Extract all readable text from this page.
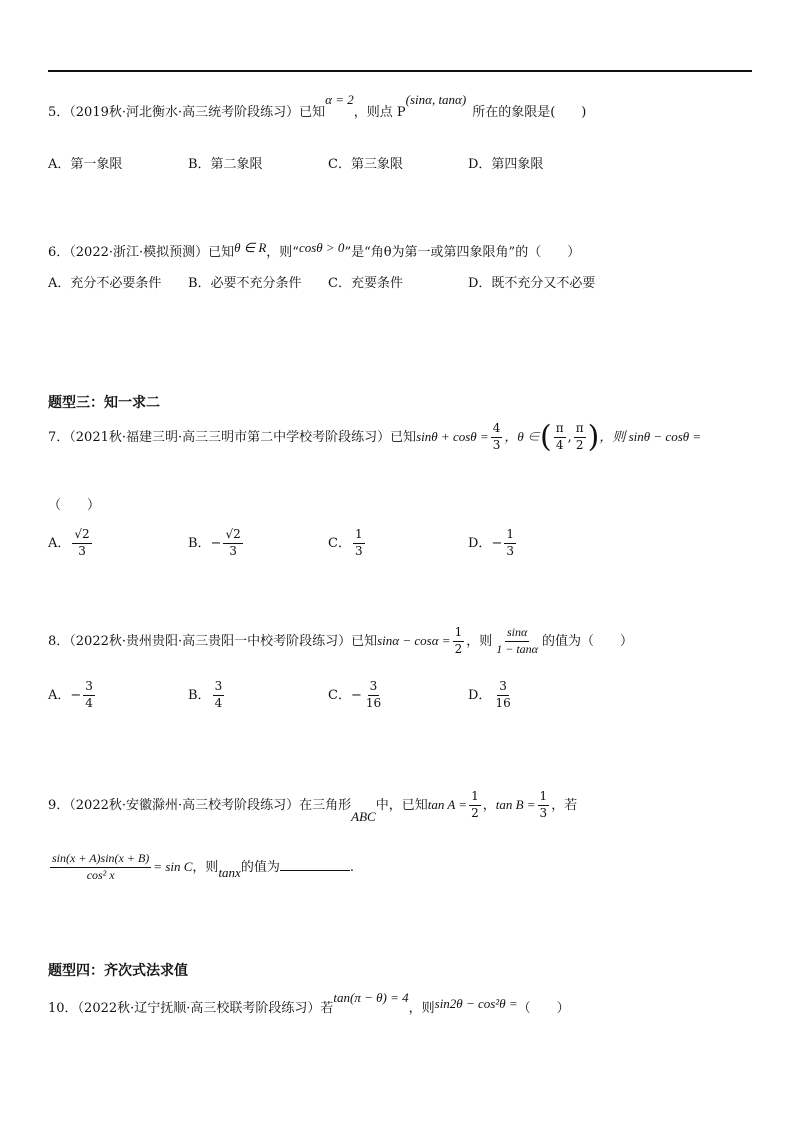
5．（2019秋·河北衡水·高三统考阶段练习）已知α = 2，则点 P(sinα, tanα)所在的象限是(　　)
A．第一象限	B．第二象限	C．第三象限	D．第四象限
6．（2022·浙江·模拟预测）已知θ ∈ R，则“cosθ > 0”是“角θ为第一或第四象限角”的（　　）
A．充分不必要条件 B．必要不充分条件 C．充要条件	D．既不充分又不必要
题型三：知一求二
7．（2021秋·福建三明·高三三明市第二中学校考阶段练习）已知$\sin\theta + \cos\theta = \frac{4}{3}$ ，θ ∈( $\frac{\pi}{4}$ , $\frac{\pi}{2}$ )，则 sinθ − cosθ =
（　　）
A． $\frac{√2}{3}$	B．− $\frac{√2}{3}$	C． $\frac{1}{3}$	D．− $\frac{1}{3}$
8．（2022秋·贵州贵阳·高三贵阳一中校考阶段练习）已知$\sin\alpha - \cos\alpha = \frac{1}{2}$ ，则 $\frac{\sin\alpha}{1 - \tan\alpha}$ 的值为（　　）
A．− $\frac{3}{4}$	B． $\frac{3}{4}$	C．− $\frac{3}{16}$	D． $\frac{3}{16}$
9．（2022秋·安徽滁州·高三校考阶段练习）在三角形ABC中，已知$\tan A = \frac{1}{2}$ ，$\tan B = \frac{1}{3}$ ，若
$\frac{\sin(x + A)\sin(x + B)}{\text{cos² x}} = \sin C$，则tanx的值为	.
题型四：齐次式法求值
10．（2022秋·辽宁抚顺·高三校联考阶段练习）若tan(π − θ) = 4，则sin2θ − cos²θ =（　　）
